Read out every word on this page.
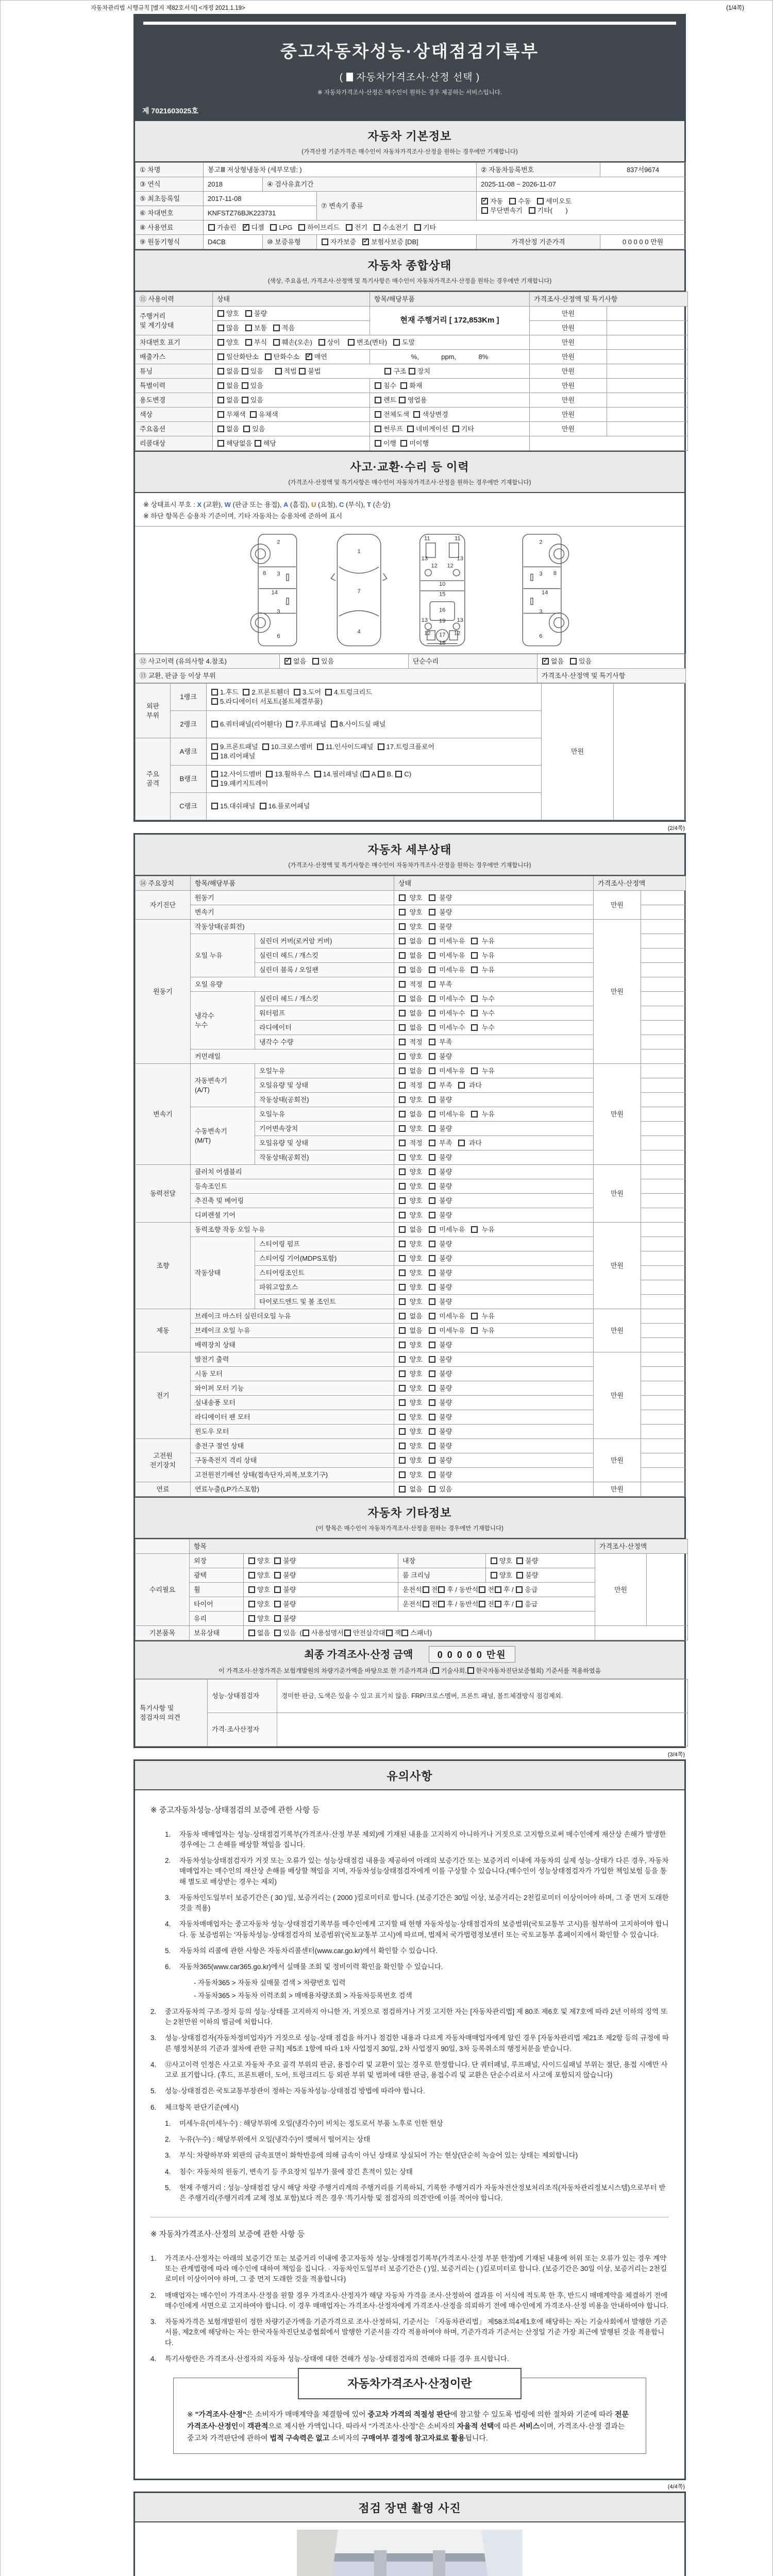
자동차관리법 시행규칙 [별지 제82호서식] <개정 2021.1.19>	(1/4쪽)
중고자동차성능·상태점검기록부
( 자동차가격조사·산정 선택 )
※ 자동차가격조사·산정은 매수인이 원하는 경우 제공하는 서비스입니다.
제 7021603025호
자동차 기본정보
(가격산정 기준가격은 매수인이 자동차가격조사·산정을 원하는 경우에만 기재합니다)
① 차명	봉고Ⅲ 저상형냉동차 (세부모델: )			② 자동차등록번호	837서9674
③ 연식	2018	④ 검사유효기간		2025-11-08 ~ 2026-11-07	
⑤ 최초등록일	2017-11-08		⑦ 변속기 종류	✓자동   수동   세미오토
무단변속기   기타(       )
⑥ 차대번호	KNFSTZ76BJK223731				
⑧ 사용연료	가솔린    ✓디젤   LPG   하이브리드   전기   수소전기   기타
⑨ 원동기형식	D4CB	⑩ 보증유형	자가보증    ✓보험사보증 [DB]	가격산정 기준가격	0 0 0 0 0 만원
자동차 종합상태
(색상, 주요옵션, 가격조사·산정액 및 특기사항은 매수인이 자동차가격조사·산정을 원하는 경우에만 기재합니다)
⑪ 사용이력	상태	항목/해당부품	가격조사·산정액 및 특기사항	
주행거리
및 계기상태	양호   불량	현재 주행거리 [ 172,853Km ]	만원	
	많음   보통   적음		만원	
차대번호 표기	양호   부식   훼손(오손)   상이    변조(변타)   도말		만원	
배출가스	일산화탄소   탄화수소    ✓매연	%,            ppm,            8%	만원	
튜닝	없음 있음      적법 불법                                  구조 장치		만원	
특별이력	없음 있음	침수  화재	만원	
용도변경	없음 있음	렌트 영업용	만원	
색상	무채색  유채색	전체도색  색상변경	만원	
주요옵션	없음  있음	썬루프  네비게이션  기타	만원	
리콜대상	해당없음 해당	이행  미이행		
사고·교환·수리 등 이력
(가격조사·산정액 및 특기사항은 매수인이 자동차가격조사·산정을 원하는 경우에만 기재합니다)
※ 상태표시 부호 : X (교환), W (판금 또는 용접), A (흠집), U (요철), C (부식), T (손상)
※ 하단 항목은 승용차 기준이며, 기타 자동차는 승용차에 준하여 표시
2
8 3
14
3
6
1
7
4
11	11
13
12 12
13
10
15
16
13 19 13
12 17 12
18
2
3 8
14
3
6
⑫ 사고이력 (유의사항 4.참조)	✓없음   있음	단순수리	✓없음   있음
⑬ 교환, 판금 등 이상 부위			가격조사·산정액 및 특기사항
외판
부위	1랭크	1.후드  2.프론트휀더  3.도어  4.트렁크리드
5.라디에이터 서포트(볼트체결부품)	만원	
	2랭크	6.쿼터패널(리어휀다)  7.루프패널  8.사이드실 패널		
주요
골격	A랭크	9.프론트패널  10.크로스멤버  11.인사이드패널  17.트렁크플로어
18.리어패널		
	B랭크	12.사이드멤버  13.휠하우스  14.필러패널 ( A B. C)
19.패키지트레이		
	C랭크	15.대쉬패널  16.플로어패널		
(2/4쪽)
자동차 세부상태
(가격조사·산정액 및 특기사항은 매수인이 자동차가격조사·산정을 원하는 경우에만 기재합니다)
⑭ 주요장치	항목/해당부품		상태	가격조사·산정액	
자기진단	원동기		양호    불량	만원	
	변속기		양호    불량		
원동기	작동상태(공회전)		양호    불량	만원	
	오일 누유	실린더 커버(로커암 커버)	없음    미세누유    누유		
		실린더 헤드 / 개스킷	없음    미세누유    누유		
		실린더 블록 / 오일팬	없음    미세누유    누유		
	오일 유량		적정    부족		
	냉각수
누수	실린더 헤드 / 개스킷	없음    미세누수    누수		
		워터펌프	없음    미세누수    누수		
		라디에이터	없음    미세누수    누수		
		냉각수 수량	적정    부족		
	커먼레일		양호    불량		
변속기	자동변속기
(A/T)	오일누유	없음    미세누유    누유	만원	
		오일유량 및 상태	적정    부족    과다		
		작동상태(공회전)	양호    불량		
	수동변속기
(M/T)	오일누유	없음    미세누유    누유		
		기어변속장치	양호    불량		
		오일유량 및 상태	적정    부족    과다		
		작동상태(공회전)	양호    불량		
동력전달	클러치 어셈블리		양호    불량	만원	
	등속조인트		양호    불량		
	추진축 및 베어링		양호    불량		
	디퍼렌셜 기어		양호    불량		
조향	동력조향 작동 오일 누유		없음    미세누유    누유	만원	
	작동상태	스티어링 펌프	양호    불량		
		스티어링 기어(MDPS포함)	양호    불량		
		스티어링조인트	양호    불량		
		파워고압호스	양호    불량		
		타이로드엔드 및 볼 조인트	양호    불량		
제동	브레이크 마스터 실린더오일 누유		없음    미세누유    누유	만원	
	브레이크 오일 누유		없음    미세누유    누유		
	배력장치 상태		양호    불량		
전기	발전기 출력		양호    불량	만원	
	시동 모터		양호    불량		
	와이퍼 모터 기능		양호    불량		
	실내송풍 모터		양호    불량		
	라디에이터 팬 모터		양호    불량		
	윈도우 모터		양호    불량		
고전원
전기장치	충전구 절연 상태		양호    불량	만원	
	구동축전지 격리 상태		양호    불량		
	고전원전기배선 상태(접속단자,피복,보호기구)		양호    불량		
연료	연료누출(LP가스포함)		없음    있음	만원	
자동차 기타정보
(이 항목은 매수인이 자동차가격조사·산정을 원하는 경우에만 기재합니다)
	항목				가격조사·산정액	
수리필요	외장	양호  불량	내장	양호  불량	만원	
	광택	양호  불량	룸 크리닝	양호  불량		
	휠	양호  불량	운전석 전 후 / 동반석 전 후 / 응급			
	타이어	양호  불량	운전석 전 후 / 동반석 전 후 / 응급			
	유리	양호  불량				
기본품목	보유상태	없음  있음  ( 사용설명서 안전삼각대 잭 스패너)				
최종 가격조사·산정 금액	0 0 0 0 0 만원
이 가격조사·산정가격은 보험개발원의 차량기준가액을 바탕으로 한 기준가격과 ( 기술사회, 한국자동차진단보증협회) 기준서를 적용하였음
특기사항 및
점검자의 의견	성능·상태점검자	경미한 판금, 도색은 있을 수 있고 표기치 않음. FRP/크로스멤버, 프론트 패널, 볼트체결방식 점검제외.
	가격·조사산정자	
(3/4쪽)
유의사항
※ 중고자동차성능·상태점검의 보증에 관한 사항 등
1.	자동차 매매업자는 성능·상태점검기록부(가격조사·산정 부분 제외)에 기재된 내용을 고지하지 아니하거나 거짓으로 고지함으로써 매수인에게 재산상 손해가 발생한 경우에는 그 손해를 배상할 책임을 집니다.
2.	자동차성능상태점검자가 거짓 또는 오류가 있는 성능상태점검 내용을 제공하여 아래의 보증기간 또는 보증거리 이내에 자동차의 실제 성능·상태가 다른 경우, 자동차매매업자는 매수인의 재산상 손해를 배상할 책임을 지며, 자동차성능상태점검자에게 이를 구상할 수 있습니다.(매수인이 성능상태점검자가 가입한 책임보험 등을 통해 별도로 배상받는 경우는 제외)
3.	자동차인도일부터 보증기간은 ( 30 )일, 보증거리는 ( 2000 )킬로미터로 합니다. (보증기간은 30일 이상, 보증거리는 2천킬로미터 이상이어야 하며, 그 중 먼저 도래한 것을 적용)
4.	자동차매매업자는 중고자동차 성능·상태점검기록부를 매수인에게 고지할 때 현행 자동차성능·상태점검자의 보증범위(국토교통부 고시)를 첨부하여 고지하여야 합니다. 동 보증범위는 '자동차성능·상태점검자의 보증범위'(국토교통부 고시)에 따르며, 법제처 국가법령정보센터 또는 국토교통부 홈페이지에서 확인할 수 있습니다.
5.	자동차의 리콜에 관한 사항은 자동차리콜센터(www.car.go.kr)에서 확인할 수 있습니다.
6.	자동차365(www.car365.go.kr)에서 실매물 조회 및 정비이력 확인을 확인할 수 있습니다.
- 자동차365 > 자동차 실매물 검색 > 차량번호 입력
- 자동차365 > 자동차 이력조회 > 매매용차량조회 > 자동차등록번호 검색
2.	중고자동차의 구조·장치 등의 성능·상태를 고지하지 아니한 자, 거짓으로 점검하거나 거짓 고지한 자는 [자동차관리법] 제 80조 제6호 및 제7호에 따라 2년 이하의 징역 또는 2천만원 이하의 벌금에 처합니다.
3.	성능·상태점검자(자동차정비업자)가 거짓으로 성능·상태 점검을 하거나 점검한 내용과 다르게 자동차매매업자에게 알린 경우 [자동차관리법 제21조 제2항 등의 규정에 따른 행정처분의 기준과 절차에 관한 규칙] 제5조 1항에 따라 1차 사업정지 30일, 2차 사업정지 90일, 3차 등록취소의 행정처분을 받습니다.
4.	⑫사고이력 인정은 사고로 자동차 주요 골격 부위의 판금, 용접수리 및 교환이 있는 경우로 한정합니다. 단 쿼터패널, 루프패널, 사이드실패널 부위는 절단, 용접 시에만 사고로 표기합니다. (후드, 프론트펜더, 도어, 트렁크리드 등 외판 부위 및 범퍼에 대한 판금, 용접수리 및 교환은 단순수리로서 사고에 포함되지 않습니다)
5.	성능·상태점검은 국토교통부장관이 정하는 자동차성능·상태점검 방법에 따라야 합니다.
6.	체크항목 판단기준(예시)
1.	미세누유(미세누수) : 해당부위에 오일(냉각수)이 비치는 정도로서 부품 노후로 인한 현상
2.	누유(누수) : 해당부위에서 오일(냉각수)이 맺혀서 떨어지는 상태
3.	부식: 차량하부와 외판의 금속표면이 화학반응에 의해 금속이 아닌 상태로 상실되어 가는 현상(단순히 녹슬어 있는 상태는 제외합니다)
4.	침수: 자동차의 원동기, 변속기 등 주요장치 일부가 물에 잠긴 흔적이 있는 상태
5.	현재 주행거리 : 성능·상태점검 당시 해당 차량 주행거리계의 주행거리를 기록하되, 기록한 주행거리가 자동차전산정보처리조직(자동차관리정보시스템)으로부터 받은 주행거리(주행거리계 교체 정보 포함)보다 적은 경우 '특기사항 및 점검자의 의견'란에 이를 적어야 합니다.
※ 자동차가격조사·산정의 보증에 관한 사항 등
1.	가격조사·산정자는 아래의 보증기간 또는 보증거리 이내에 중고자동차 성능·상태점검기록부(가격조사·산정 부분 한정)에 기재된 내용에 허위 또는 오류가 있는 경우 계약 또는 관계법령에 따라 매수인에 대하여 책임을 집니다. · 자동차인도일부터 보증기간은 ( )일, 보증거리는 ( )킬로미터로 합니다. (보증기간은 30일 이상, 보증거리는 2천킬로미터 이상이어야 하며, 그 중 먼저 도래한 것을 적용합니다)
2.	매매업자는 매수인이 가격조사·산정을 원할 경우 가격조사·산정자가 해당 자동차 가격을 조사·산정하여 결과를 이 서식에 적도록 한 후, 반드시 매매계약을 체결하기 전에 매수인에게 서면으로 고지하여야 합니다. 이 경우 매매업자는 가격조사·산정자에게 가격조사·산정을 의뢰하기 전에 매수인에게 가격조사·산정 비용을 안내하여야 합니다.
3.	자동차가격은 보험개발원이 정한 차량기준가액을 기준가격으로 조사·산정하되, 기준서는 「자동차관리법」 제58조의4제1호에 해당하는 자는 기술사회에서 발행한 기준서를, 제2호에 해당하는 자는 한국자동차진단보증협회에서 발행한 기준서를 각각 적용하여야 하며, 기준가격과 기준서는 산정일 기준 가장 최근에 발행된 것을 적용합니다.
4.	특기사항란은 가격조사·산정자의 자동차 성능·상태에 대한 견해가 성능·상태점검자의 견해와 다를 경우 표시합니다.
자동차가격조사·산정이란
※ "가격조사·산정"은 소비자가 매매계약을 체결함에 있어 중고차 가격의 적절성 판단에 참고할 수 있도록 법령에 의한 절차와 기준에 따라 전문 가격조사·산정인이 객관적으로 제시한 가액입니다. 따라서 "가격조사·산정"은 소비자의 자율적 선택에 따른 서비스이며, 가격조사·산정 결과는 중고차 가격판단에 관하여 법적 구속력은 없고 소비자의 구매여부 결정에 참고자료로 활용됩니다.
(4/4쪽)
점검 장면 촬영 사진
